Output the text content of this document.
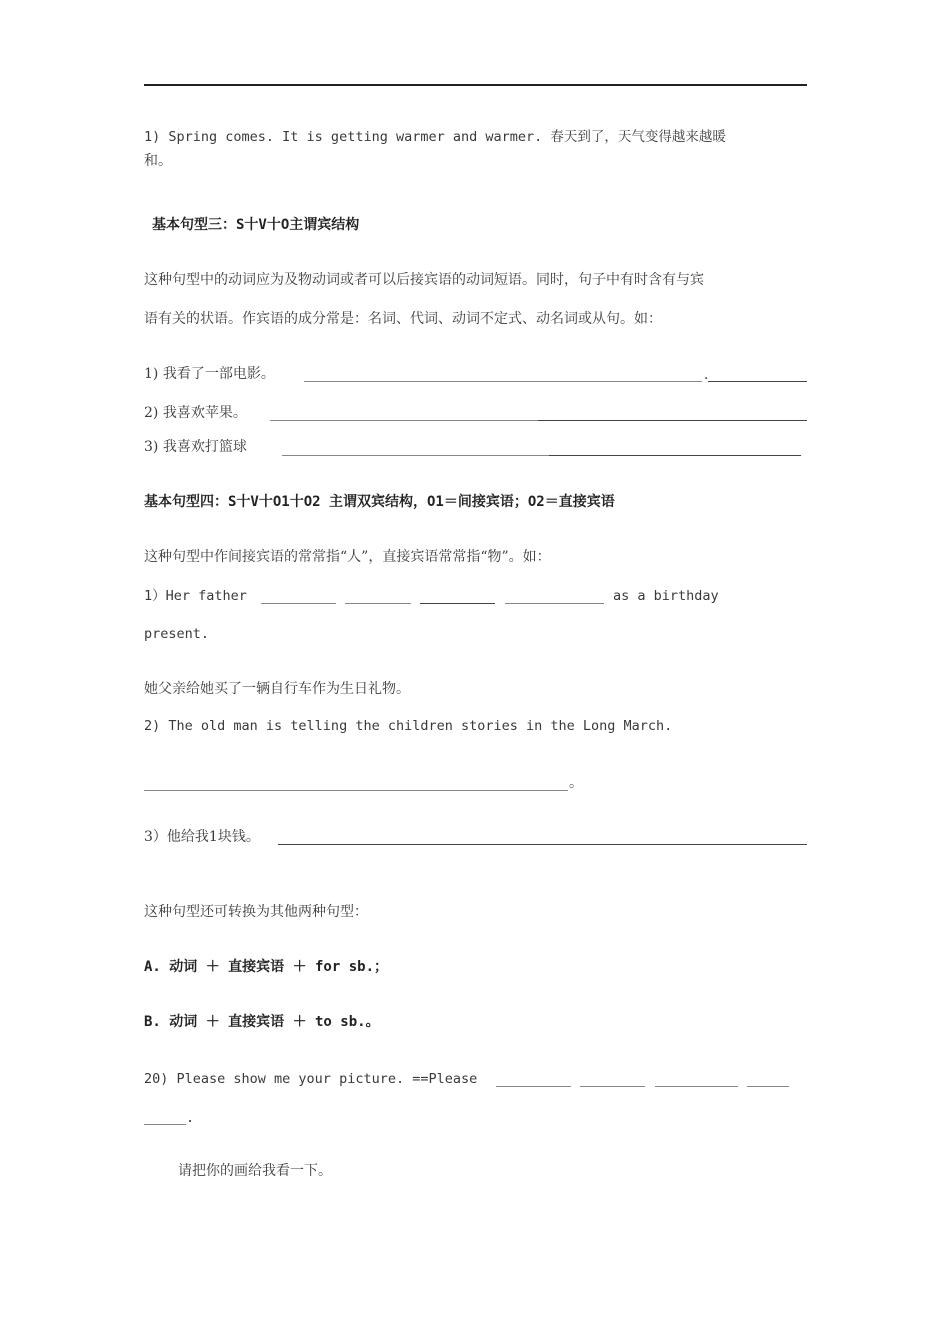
1) Spring comes. It is getting warmer and warmer. 春天到了，天气变得越来越暖
和。
基本句型三：S十V十O主谓宾结构
这种句型中的动词应为及物动词或者可以后接宾语的动词短语。同时，句子中有时含有与宾
语有关的状语。作宾语的成分常是：名词、代词、动词不定式、动名词或从句。如：
1) 我看了一部电影。	.
2) 我喜欢苹果。
3) 我喜欢打篮球
基本句型四：S十V十O1十O2 主谓双宾结构，O1＝间接宾语；O2＝直接宾语
这种句型中作间接宾语的常常指“人”，直接宾语常常指“物”。如：
1）Her father	as a birthday
present.
她父亲给她买了一辆自行车作为生日礼物。
2) The old man is telling the children stories in the Long March.
。
3）他给我1块钱。
这种句型还可转换为其他两种句型：
A. 动词 ＋ 直接宾语 ＋ for sb.；
B. 动词 ＋ 直接宾语 ＋ to sb.。
20) Please show me your picture. ==Please
.
请把你的画给我看一下。
